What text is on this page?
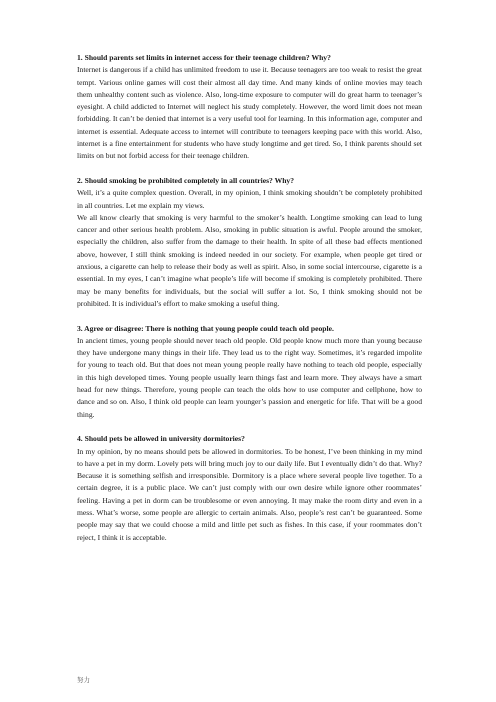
1. Should parents set limits in internet access for their teenage children? Why?
Internet is dangerous if a child has unlimited freedom to use it. Because teenagers are too weak to resist the great tempt. Various online games will cost their almost all day time. And many kinds of online movies may teach them unhealthy content such as violence. Also, long-time exposure to computer will do great harm to teenager’s eyesight. A child addicted to Internet will neglect his study completely. However, the word limit does not mean forbidding. It can’t be denied that internet is a very useful tool for learning. In this information age, computer and internet is essential. Adequate access to internet will contribute to teenagers keeping pace with this world. Also, internet is a fine entertainment for students who have study longtime and get tired. So, I think parents should set limits on but not forbid access for their teenage children.
2. Should smoking be prohibited completely in all countries? Why?
Well, it’s a quite complex question. Overall, in my opinion, I think smoking shouldn’t be completely prohibited in all countries. Let me explain my views.
We all know clearly that smoking is very harmful to the smoker’s health. Longtime smoking can lead to lung cancer and other serious health problem. Also, smoking in public situation is awful. People around the smoker, especially the children, also suffer from the damage to their health. In spite of all these bad effects mentioned above, however, I still think smoking is indeed needed in our society. For example, when people get tired or anxious, a cigarette can help to release their body as well as spirit. Also, in some social intercourse, cigarette is a essential. In my eyes, I can’t imagine what people’s life will become if smoking is completely prohibited. There may be many benefits for individuals, but the social will suffer a lot. So, I think smoking should not be prohibited. It is individual’s effort to make smoking a useful thing.
3. Agree or disagree: There is nothing that young people could teach old people.
In ancient times, young people should never teach old people. Old people know much more than young because they have undergone many things in their life. They lead us to the right way. Sometimes, it’s regarded impolite for young to teach old. But that does not mean young people really have nothing to teach old people, especially in this high developed times. Young people usually learn things fast and learn more. They always have a smart head for new things. Therefore, young people can teach the olds how to use computer and cellphone, how to dance and so on. Also, I think old people can learn younger’s passion and energetic for life. That will be a good thing.
4. Should pets be allowed in university dormitories?
In my opinion, by no means should pets be allowed in dormitories. To be honest, I’ve been thinking in my mind to have a pet in my dorm. Lovely pets will bring much joy to our daily life. But I eventually didn’t do that. Why? Because it is something selfish and irresponsible. Dormitory is a place where several people live together. To a certain degree, it is a public place. We can’t just comply with our own desire while ignore other roommates’ feeling. Having a pet in dorm can be troublesome or even annoying. It may make the room dirty and even in a mess. What’s worse, some people are allergic to certain animals. Also, people’s rest can’t be guaranteed. Some people may say that we could choose a mild and little pet such as fishes. In this case, if your roommates don’t reject, I think it is acceptable.
努力
